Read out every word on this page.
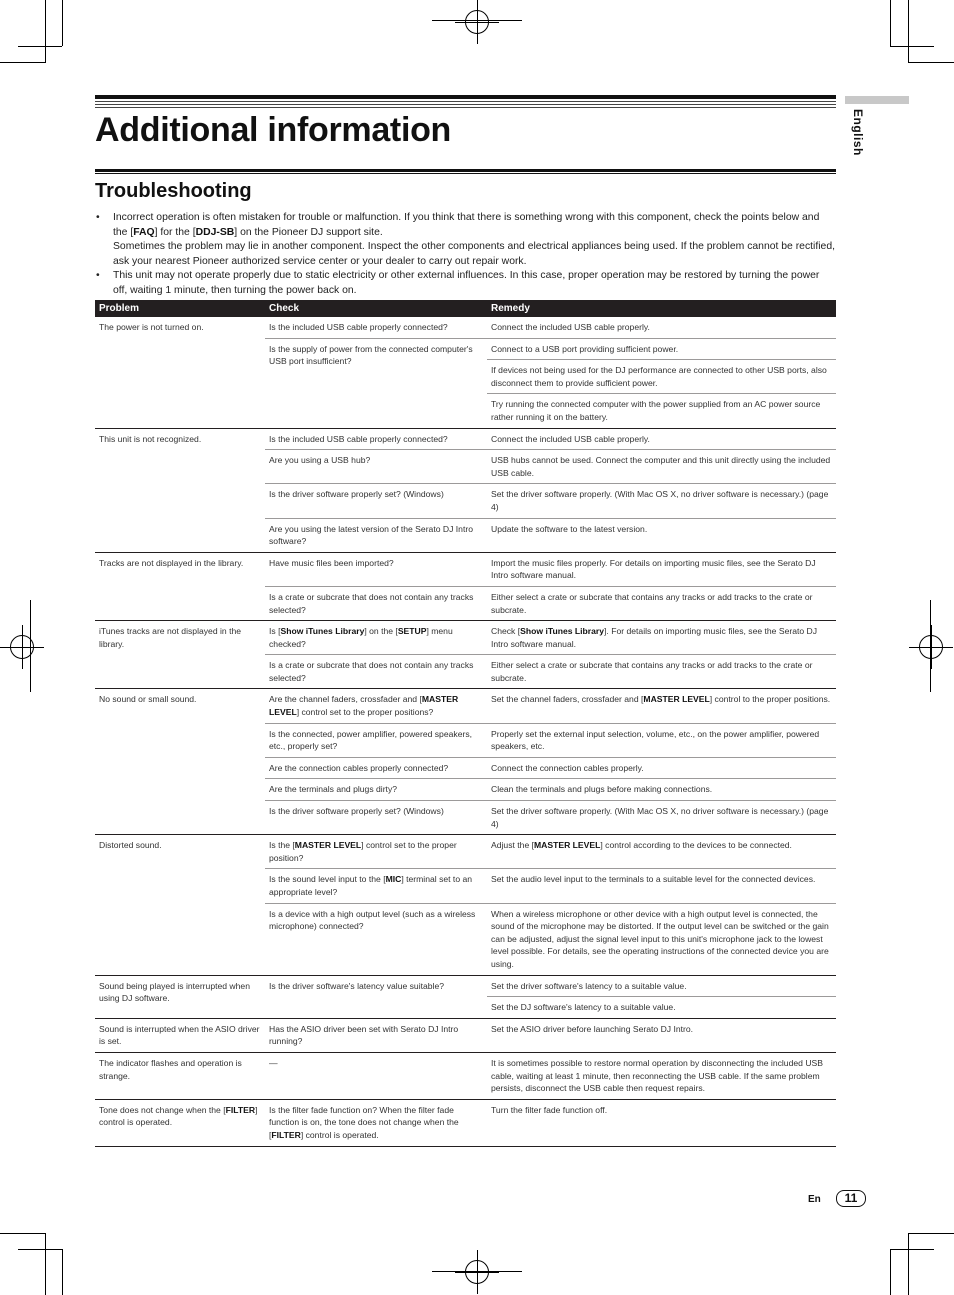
Additional information
Troubleshooting
English
• Incorrect operation is often mistaken for trouble or malfunction. If you think that there is something wrong with this component, check the points below and the [FAQ] for the [DDJ-SB] on the Pioneer DJ support site.
Sometimes the problem may lie in another component. Inspect the other components and electrical appliances being used. If the problem cannot be rectified, ask your nearest Pioneer authorized service center or your dealer to carry out repair work.
• This unit may not operate properly due to static electricity or other external influences. In this case, proper operation may be restored by turning the power off, waiting 1 minute, then turning the power back on.
Problem	Check	Remedy
The power is not turned on.	Is the included USB cable properly connected?	Connect the included USB cable properly.
	Is the supply of power from the connected computer's USB port insufficient?	Connect to a USB port providing sufficient power.
		If devices not being used for the DJ performance are connected to other USB ports, also disconnect them to provide sufficient power.
		Try running the connected computer with the power supplied from an AC power source rather running it on the battery.
This unit is not recognized.	Is the included USB cable properly connected?	Connect the included USB cable properly.
	Are you using a USB hub?	USB hubs cannot be used. Connect the computer and this unit directly using the included USB cable.
	Is the driver software properly set? (Windows)	Set the driver software properly. (With Mac OS X, no driver software is necessary.) (page 4)
	Are you using the latest version of the Serato DJ Intro software?	Update the software to the latest version.
Tracks are not displayed in the library.	Have music files been imported?	Import the music files properly. For details on importing music files, see the Serato DJ Intro software manual.
	Is a crate or subcrate that does not contain any tracks selected?	Either select a crate or subcrate that contains any tracks or add tracks to the crate or subcrate.
iTunes tracks are not displayed in the library.	Is [Show iTunes Library] on the [SETUP] menu checked?	Check [Show iTunes Library]. For details on importing music files, see the Serato DJ Intro software manual.
	Is a crate or subcrate that does not contain any tracks selected?	Either select a crate or subcrate that contains any tracks or add tracks to the crate or subcrate.
No sound or small sound.	Are the channel faders, crossfader and [MASTER LEVEL] control set to the proper positions?	Set the channel faders, crossfader and [MASTER LEVEL] control to the proper positions.
	Is the connected, power amplifier, powered speakers, etc., properly set?	Properly set the external input selection, volume, etc., on the power amplifier, powered speakers, etc.
	Are the connection cables properly connected?	Connect the connection cables properly.
	Are the terminals and plugs dirty?	Clean the terminals and plugs before making connections.
	Is the driver software properly set? (Windows)	Set the driver software properly. (With Mac OS X, no driver software is necessary.) (page 4)
Distorted sound.	Is the [MASTER LEVEL] control set to the proper position?	Adjust the [MASTER LEVEL] control according to the devices to be connected.
	Is the sound level input to the [MIC] terminal set to an appropriate level?	Set the audio level input to the terminals to a suitable level for the connected devices.
	Is a device with a high output level (such as a wireless microphone) connected?	When a wireless microphone or other device with a high output level is connected, the sound of the microphone may be distorted. If the output level can be switched or the gain can be adjusted, adjust the signal level input to this unit's microphone jack to the lowest level possible. For details, see the operating instructions of the connected device you are using.
Sound being played is interrupted when using DJ software.	Is the driver software's latency value suitable?	Set the driver software's latency to a suitable value.
		Set the DJ software's latency to a suitable value.
Sound is interrupted when the ASIO driver is set.	Has the ASIO driver been set with Serato DJ Intro running?	Set the ASIO driver before launching Serato DJ Intro.
The indicator flashes and operation is strange.	—	It is sometimes possible to restore normal operation by disconnecting the included USB cable, waiting at least 1 minute, then reconnecting the USB cable. If the same problem persists, disconnect the USB cable then request repairs.
Tone does not change when the [FILTER] control is operated.	Is the filter fade function on? When the filter fade function is on, the tone does not change when the [FILTER] control is operated.	Turn the filter fade function off.
En	11
